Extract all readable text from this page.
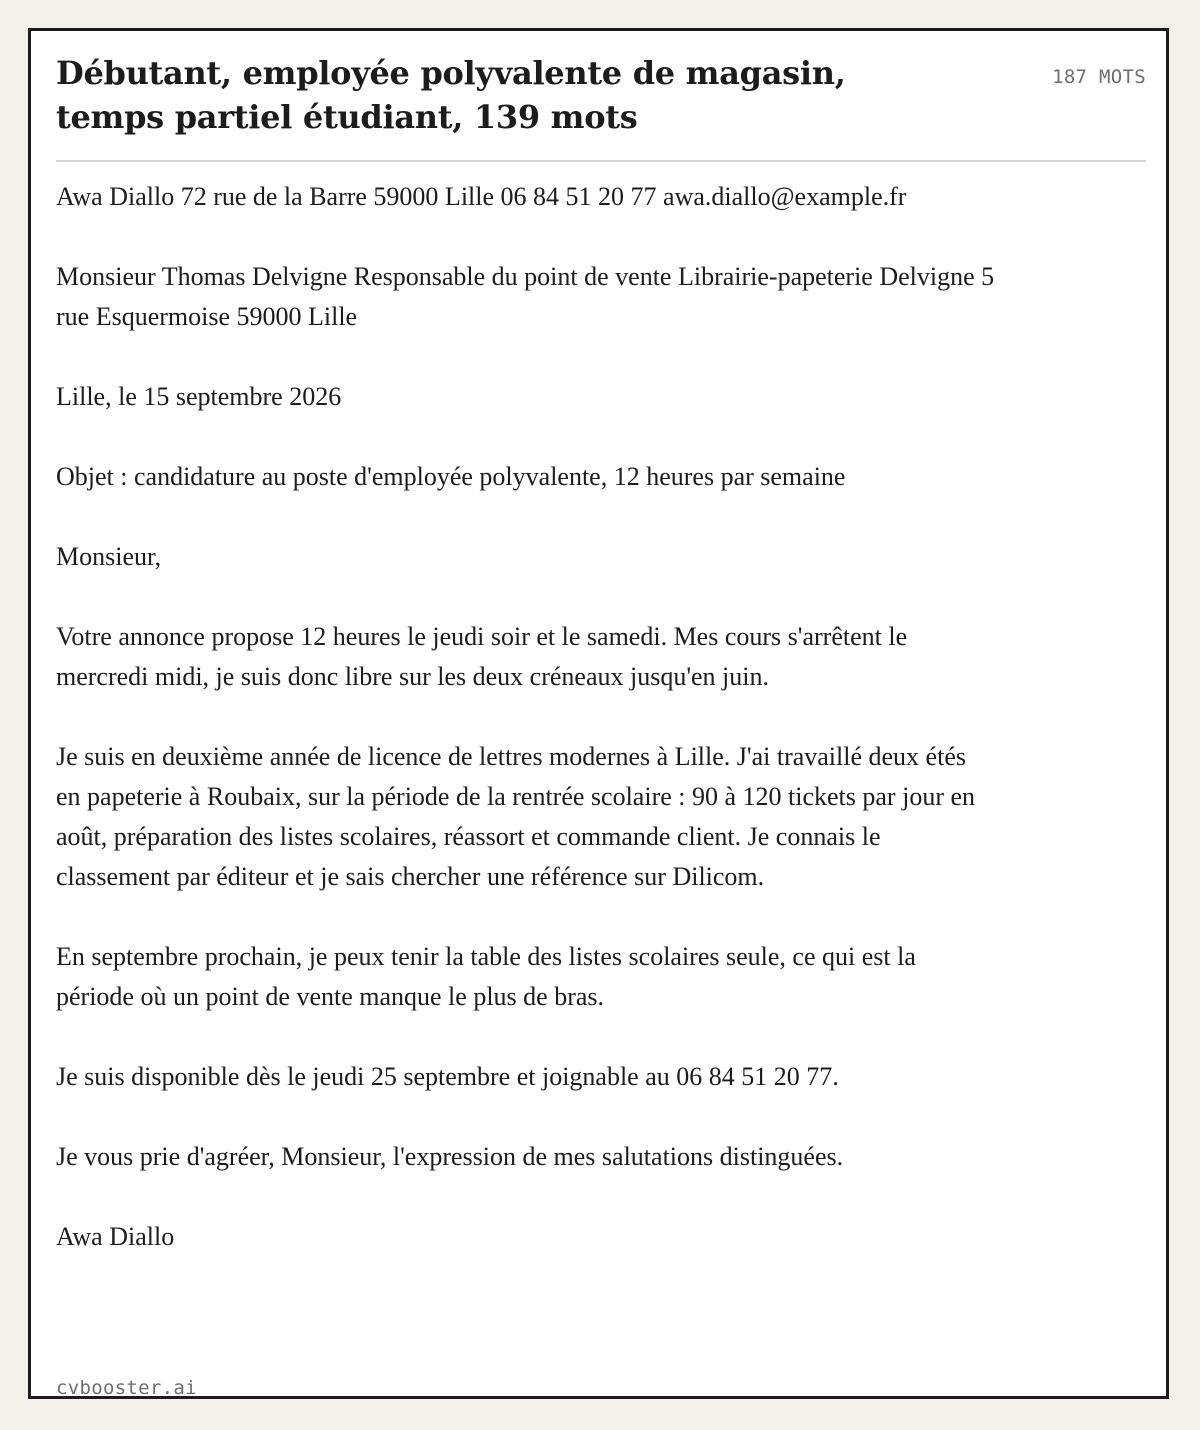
Débutant, employée polyvalente de magasin, temps partiel étudiant, 139 mots
187 MOTS

Awa Diallo 72 rue de la Barre 59000 Lille 06 84 51 20 77 awa.diallo@example.fr

Monsieur Thomas Delvigne Responsable du point de vente Librairie-papeterie Delvigne 5 rue Esquermoise 59000 Lille

Lille, le 15 septembre 2026

Objet : candidature au poste d'employée polyvalente, 12 heures par semaine

Monsieur,

Votre annonce propose 12 heures le jeudi soir et le samedi. Mes cours s'arrêtent le mercredi midi, je suis donc libre sur les deux créneaux jusqu'en juin.

Je suis en deuxième année de licence de lettres modernes à Lille. J'ai travaillé deux étés en papeterie à Roubaix, sur la période de la rentrée scolaire : 90 à 120 tickets par jour en août, préparation des listes scolaires, réassort et commande client. Je connais le classement par éditeur et je sais chercher une référence sur Dilicom.

En septembre prochain, je peux tenir la table des listes scolaires seule, ce qui est la période où un point de vente manque le plus de bras.

Je suis disponible dès le jeudi 25 septembre et joignable au 06 84 51 20 77.

Je vous prie d'agréer, Monsieur, l'expression de mes salutations distinguées.

Awa Diallo

cvbooster.ai
